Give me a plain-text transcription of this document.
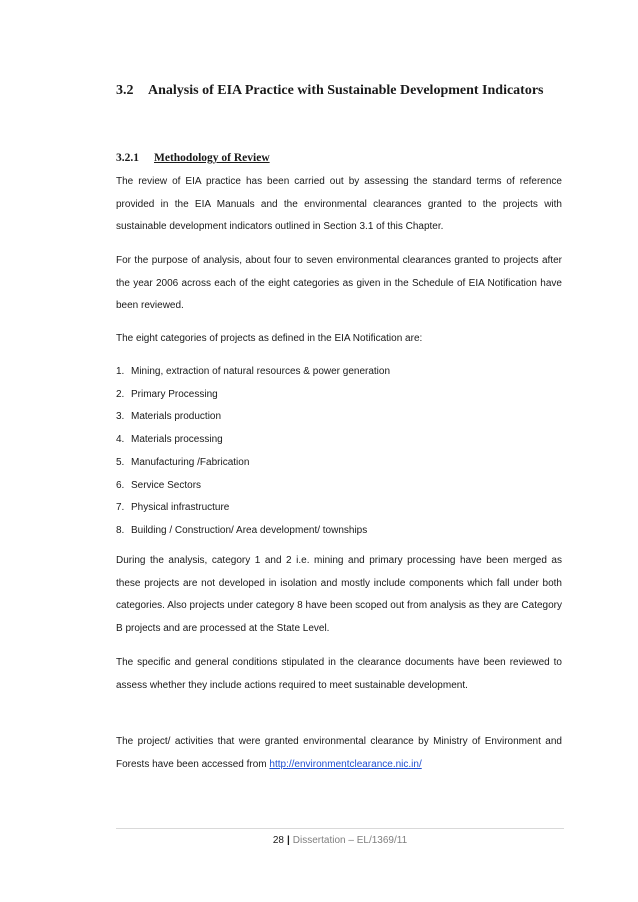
3.2 Analysis of EIA Practice with Sustainable Development Indicators
3.2.1 Methodology of Review

The review of EIA practice has been carried out by assessing the standard terms of reference provided in the EIA Manuals and the environmental clearances granted to the projects with sustainable development indicators outlined in Section 3.1 of this Chapter.

For the purpose of analysis, about four to seven environmental clearances granted to projects after the year 2006 across each of the eight categories as given in the Schedule of EIA Notification have been reviewed.

The eight categories of projects as defined in the EIA Notification are:

1. Mining, extraction of natural resources & power generation
2. Primary Processing
3. Materials production
4. Materials processing
5. Manufacturing /Fabrication
6. Service Sectors
7. Physical infrastructure
8. Building / Construction/ Area development/ townships

During the analysis, category 1 and 2 i.e. mining and primary processing have been merged as these projects are not developed in isolation and mostly include components which fall under both categories. Also projects under category 8 have been scoped out from analysis as they are Category B projects and are processed at the State Level.

The specific and general conditions stipulated in the clearance documents have been reviewed to assess whether they include actions required to meet sustainable development.

The project/ activities that were granted environmental clearance by Ministry of Environment and Forests have been accessed from http://environmentclearance.nic.in/

28 | Dissertation – EL/1369/11
